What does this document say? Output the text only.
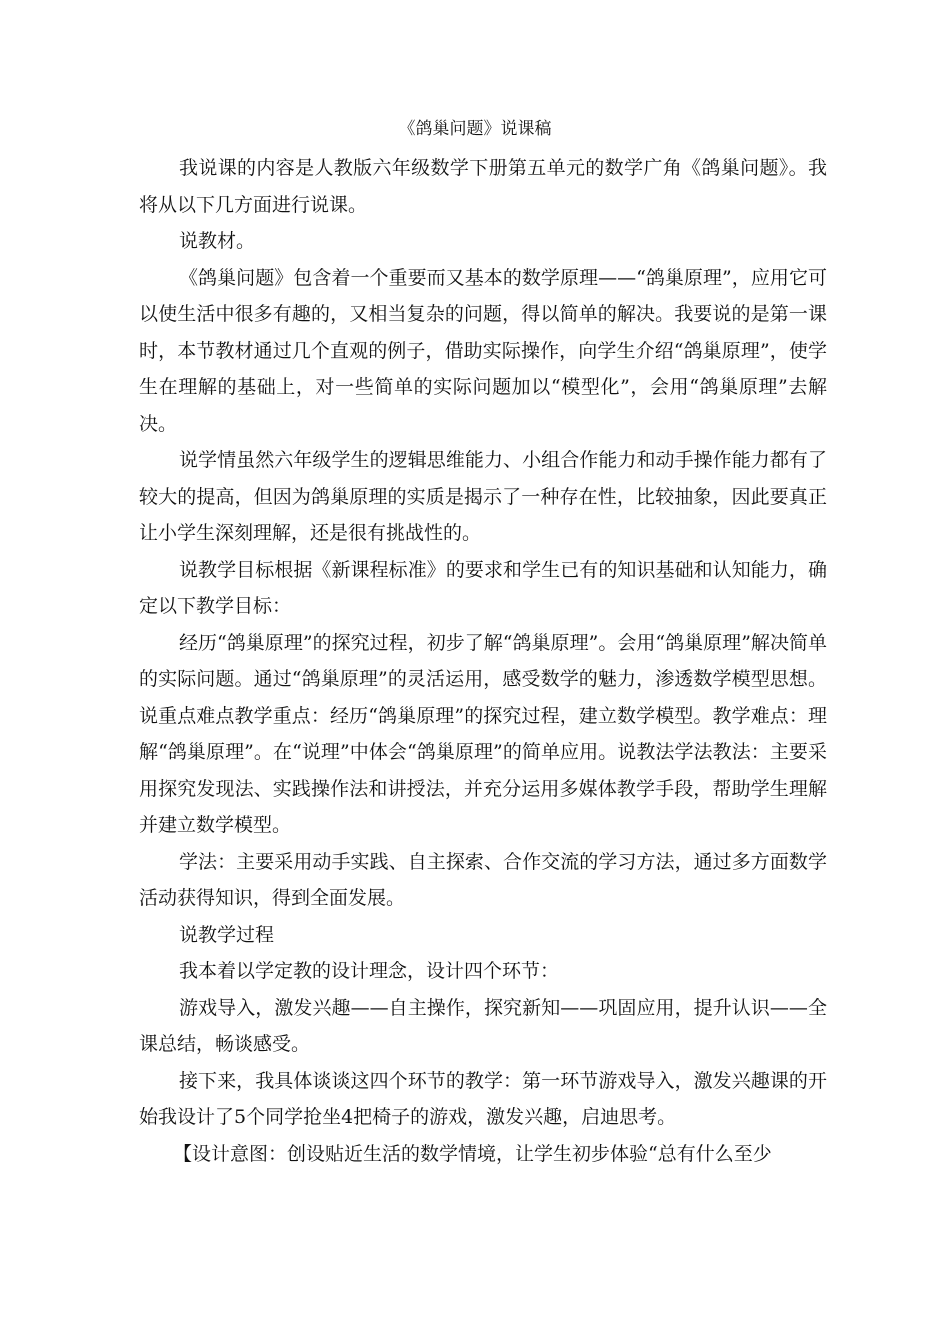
《鸽巢问题》说课稿

我说课的内容是人教版六年级数学下册第五单元的数学广角《鸽巢问题》。我将从以下几方面进行说课。

说教材。

《鸽巢问题》包含着一个重要而又基本的数学原理——“鸽巢原理”，应用它可以使生活中很多有趣的，又相当复杂的问题，得以简单的解决。我要说的是第一课时，本节教材通过几个直观的例子，借助实际操作，向学生介绍“鸽巢原理”，使学生在理解的基础上，对一些简单的实际问题加以“模型化”，会用“鸽巢原理”去解决。

说学情虽然六年级学生的逻辑思维能力、小组合作能力和动手操作能力都有了较大的提高，但因为鸽巢原理的实质是揭示了一种存在性，比较抽象，因此要真正让小学生深刻理解，还是很有挑战性的。

说教学目标根据《新课程标准》的要求和学生已有的知识基础和认知能力，确定以下教学目标：

经历“鸽巢原理”的探究过程，初步了解“鸽巢原理”。会用“鸽巢原理”解决简单的实际问题。通过“鸽巢原理”的灵活运用，感受数学的魅力，渗透数学模型思想。说重点难点教学重点：经历“鸽巢原理”的探究过程，建立数学模型。教学难点：理解“鸽巢原理”。在“说理”中体会“鸽巢原理”的简单应用。说教法学法教法：主要采用探究发现法、实践操作法和讲授法，并充分运用多媒体教学手段，帮助学生理解并建立数学模型。

学法：主要采用动手实践、自主探索、合作交流的学习方法，通过多方面数学活动获得知识，得到全面发展。

说教学过程

我本着以学定教的设计理念，设计四个环节：

游戏导入，激发兴趣——自主操作，探究新知——巩固应用，提升认识——全课总结，畅谈感受。

接下来，我具体谈谈这四个环节的教学：第一环节游戏导入，激发兴趣课的开始我设计了5个同学抢坐4把椅子的游戏，激发兴趣，启迪思考。

【设计意图：创设贴近生活的数学情境，让学生初步体验“总有什么至少
